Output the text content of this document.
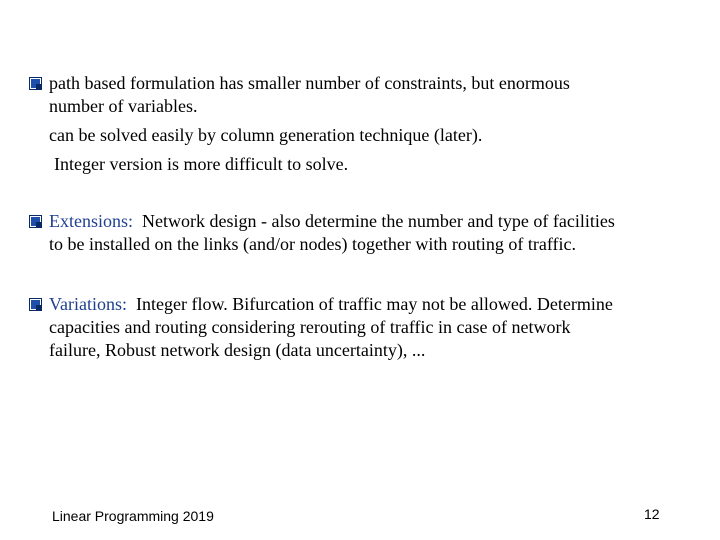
path based formulation has smaller number of constraints, but enormous
number of variables.
can be solved easily by column generation technique (later).
Integer version is more difficult to solve.
Extensions: Network design - also determine the number and type of facilities
to be installed on the links (and/or nodes) together with routing of traffic.
Variations: Integer flow. Bifurcation of traffic may not be allowed. Determine
capacities and routing considering rerouting of traffic in case of network
failure, Robust network design (data uncertainty), ...
Linear Programming 2019	12
